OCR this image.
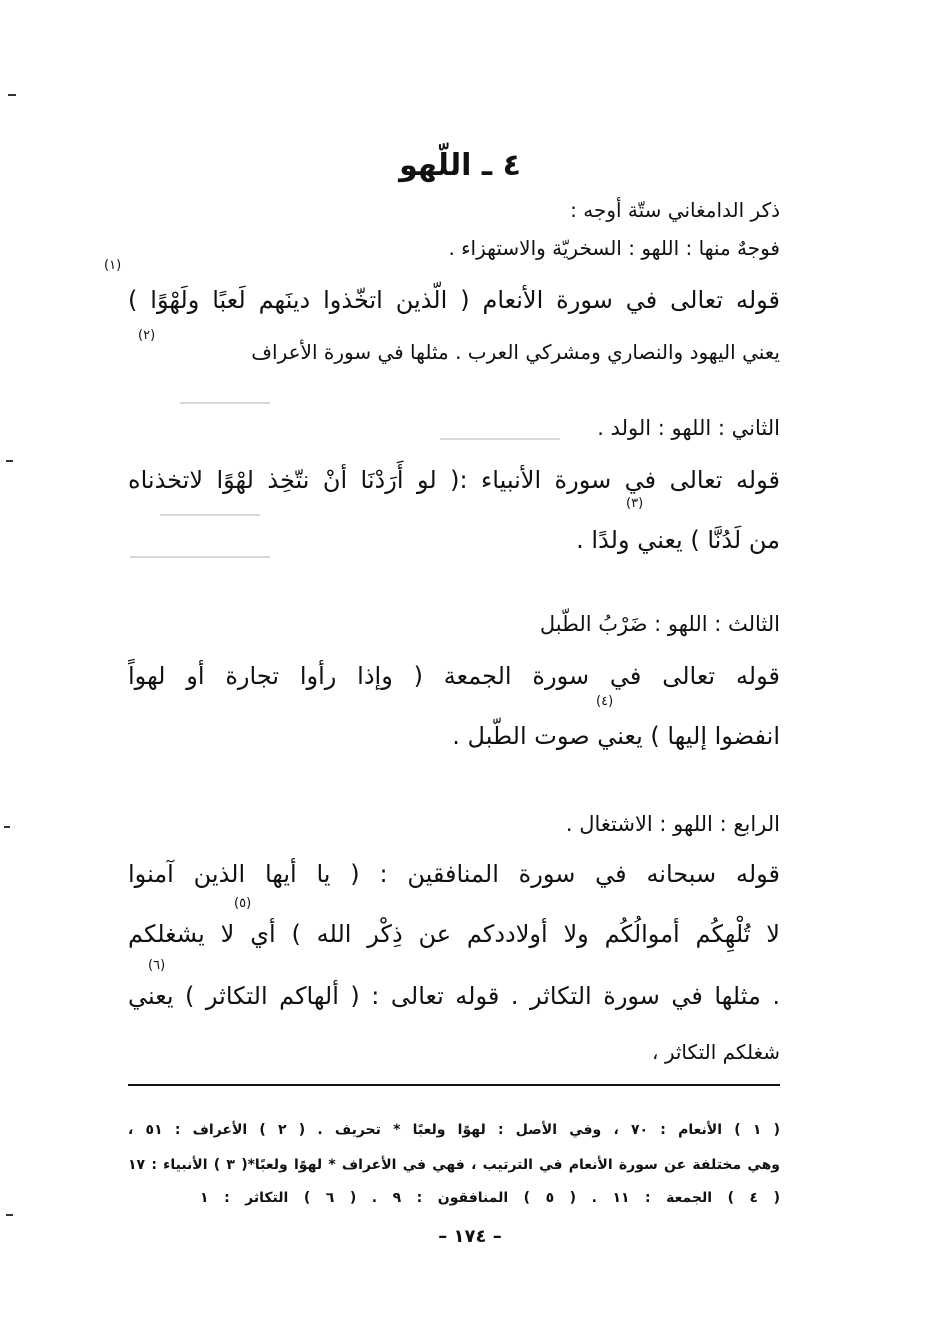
٤ ـ اللّهو
ذكر الدامغاني ستّة أوجه :
فوجهٌ منها : اللهو : السخريّة والاستهزاء .
(١)
قوله تعالى في سورة الأنعام ( الّذين اتخّذوا دينَهم لَعبًا ولَهْوًا )
يعني اليهود والنصاري ومشركي العرب . مثلها في سورة الأعراف
(٢)
الثاني : اللهو : الولد .
قوله تعالى في سورة الأنبياء :( لو أَرَدْنَا أنْ نتّخِذ لهْوًا لاتخذناه
(٣)
من لَدُنَّا ) يعني ولدًا .
الثالث : اللهو : ضَرْبُ الطّبل
قوله تعالى في سورة الجمعة ( وإذا رأوا تجارة أو لهواً
(٤)
انفضوا إليها ) يعني صوت الطّبل .
الرابع : اللهو : الاشتغال .
قوله سبحانه في سورة المنافقين : ( يا أيها الذين آمنوا
(٥)
لا تُلْهِكُم أموالُكُم ولا أولاددكم عن ذِكْر الله ) أي لا يشغلكم
(٦)
. مثلها في سورة التكاثر . قوله تعالى : ( ألهاكم التكاثر ) يعني
شغلكم التكاثر ،
( ١ ) الأنعام : ٧٠ ، وفي الأصل : لهوًا ولعبًا * تحريف . ( ٢ ) الأعراف : ٥١ ،
وهي مختلفة عن سورة الأنعام في الترتيب ، فهي في الأعراف * لهوًا ولعبًا*( ٣ ) الأنبياء : ١٧
( ٤ ) الجمعة : ١١ . ( ٥ ) المنافقون : ٩ . ( ٦ ) التكاثر : ١
– ١٧٤ –
